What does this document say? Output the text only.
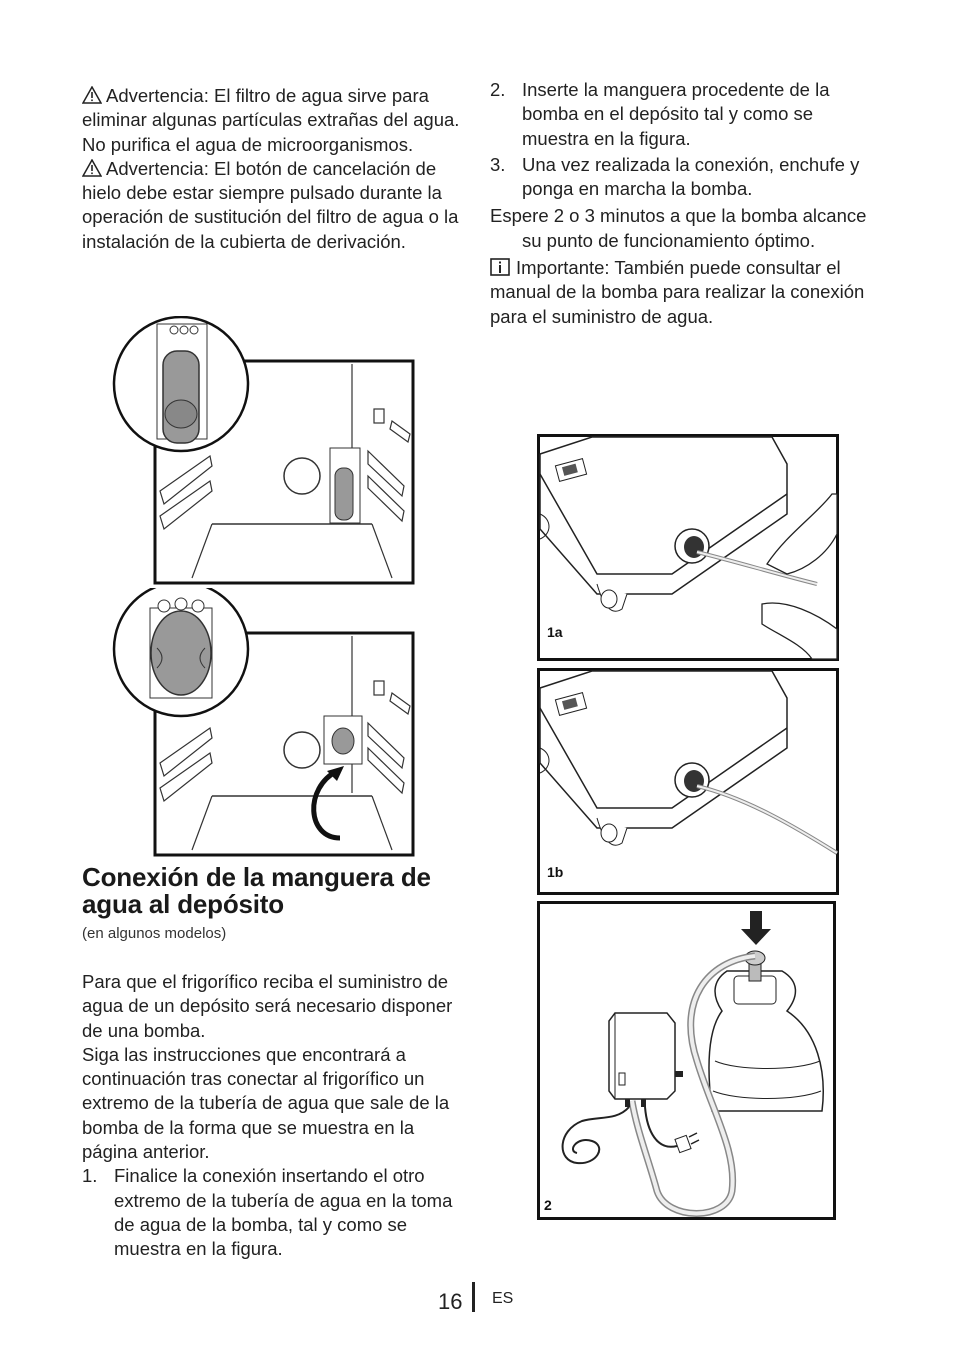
Advertencia: El filtro de agua sirve para eliminar algunas partículas extrañas del agua. No purifica el agua de microorganismos.

Advertencia: El botón de cancelación de hielo debe estar siempre pulsado durante la operación de sustitución del filtro de agua o la instalación de la cubierta de derivación.

Conexión de la manguera de agua al depósito
(en algunos modelos)

Para que el frigorífico reciba el suministro de agua de un depósito será necesario disponer de una bomba.

Siga las instrucciones que encontrará a continuación tras conectar al frigorífico un extremo de la tubería de agua que sale de la bomba de la forma que se muestra en la página anterior.

1. Finalice la conexión insertando el otro extremo de la tubería de agua en la toma de agua de la bomba, tal y como se muestra en la figura.
2. Inserte la manguera procedente de la bomba en el depósito tal y como se muestra en la figura.
3. Una vez realizada la conexión, enchufe y ponga en marcha la bomba.

Espere 2 o 3 minutos a que la bomba alcance su punto de funcionamiento óptimo.

Importante: También puede consultar el manual de la bomba para realizar la conexión para el suministro de agua.

1a
1b
2
16 ES
